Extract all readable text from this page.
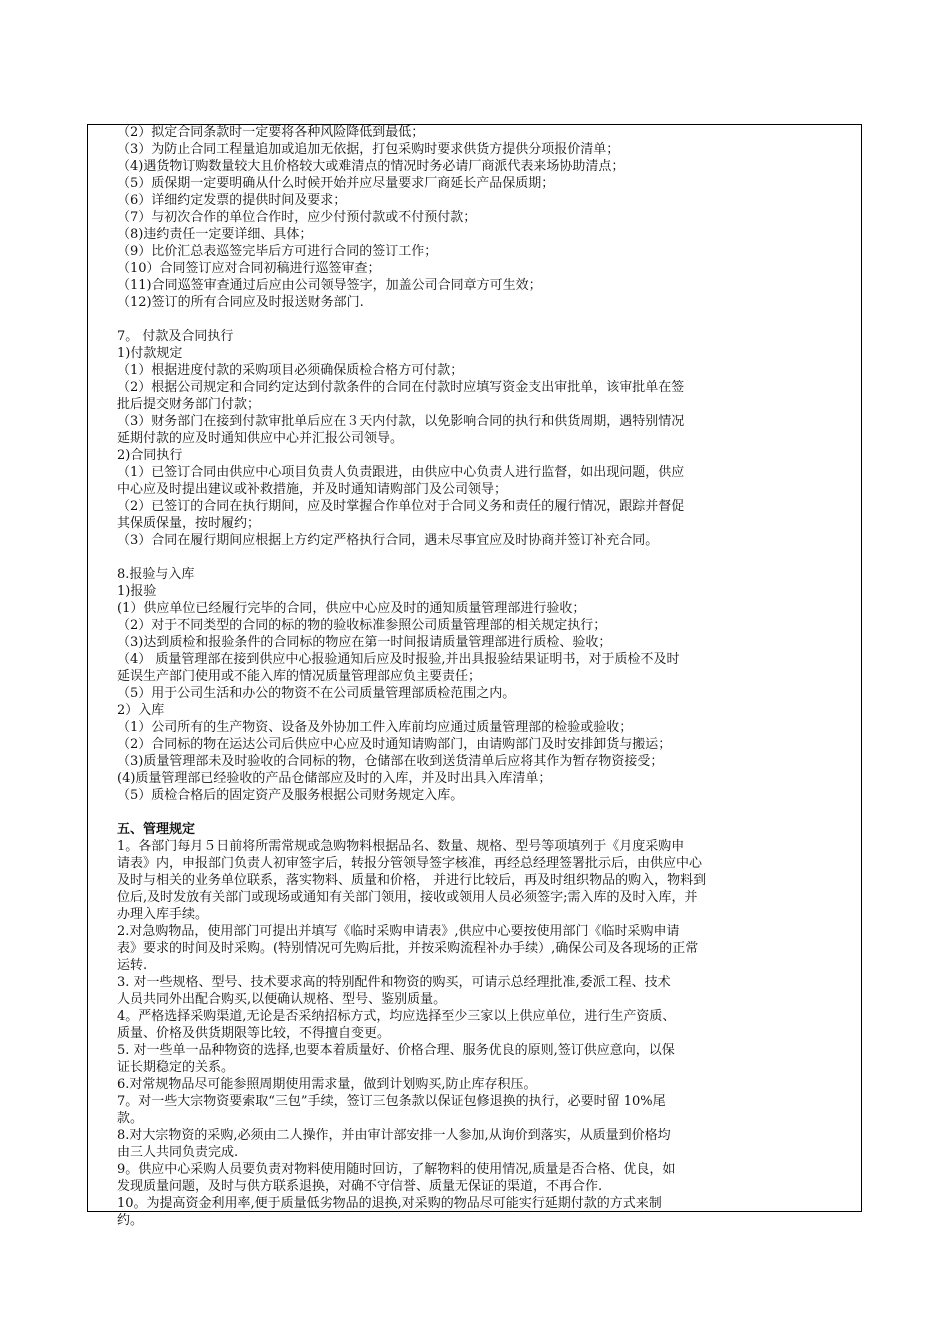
（2）拟定合同条款时一定要将各种风险降低到最低；

（3）为防止合同工程量追加或追加无依据，打包采购时要求供货方提供分项报价清单；

（4)遇货物订购数量较大且价格较大或难清点的情况时务必请厂商派代表来场协助清点；

（5）质保期一定要明确从什么时候开始并应尽量要求厂商延长产品保质期；

（6）详细约定发票的提供时间及要求；

（7）与初次合作的单位合作时，应少付预付款或不付预付款；

（8)违约责任一定要详细、具体；

（9）比价汇总表巡签完毕后方可进行合同的签订工作；

（10）合同签订应对合同初稿进行巡签审查；

（11)合同巡签审查通过后应由公司领导签字，加盖公司合同章方可生效；

（12)签订的所有合同应及时报送财务部门.

7。 付款及合同执行

1)付款规定

（1）根据进度付款的采购项目必须确保质检合格方可付款；

（2）根据公司规定和合同约定达到付款条件的合同在付款时应填写资金支出审批单，该审批单在签

批后提交财务部门付款；

（3）财务部门在接到付款审批单后应在３天内付款，以免影响合同的执行和供货周期，遇特别情况

延期付款的应及时通知供应中心并汇报公司领导。

2)合同执行

（1）已签订合同由供应中心项目负责人负责跟进，由供应中心负责人进行监督，如出现问题，供应

中心应及时提出建议或补救措施，并及时通知请购部门及公司领导；

（2）已签订的合同在执行期间，应及时掌握合作单位对于合同义务和责任的履行情况，跟踪并督促

其保质保量，按时履约；

（3）合同在履行期间应根据上方约定严格执行合同，遇未尽事宜应及时协商并签订补充合同。

8.报验与入库

1)报验

(1）供应单位已经履行完毕的合同，供应中心应及时的通知质量管理部进行验收；

（2）对于不同类型的合同的标的物的验收标准参照公司质量管理部的相关规定执行；

（3)达到质检和报验条件的合同标的物应在第一时间报请质量管理部进行质检、验收；

（4） 质量管理部在接到供应中心报验通知后应及时报验,并出具报验结果证明书，对于质检不及时

延误生产部门使用或不能入库的情况质量管理部应负主要责任；

（5）用于公司生活和办公的物资不在公司质量管理部质检范围之内。

2）入库

（1）公司所有的生产物资、设备及外协加工件入库前均应通过质量管理部的检验或验收；

（2）合同标的物在运达公司后供应中心应及时通知请购部门，由请购部门及时安排卸货与搬运；

（3)质量管理部未及时验收的合同标的物，仓储部在收到送货清单后应将其作为暂存物资接受；

(4)质量管理部已经验收的产品仓储部应及时的入库，并及时出具入库清单；

（5）质检合格后的固定资产及服务根据公司财务规定入库。

五、管理规定

1。各部门每月５日前将所需常规或急购物料根据品名、数量、规格、型号等项填列于《月度采购申

请表》内，申报部门负责人初审签字后，转报分管领导签字核准，再经总经理签署批示后，由供应中心

及时与相关的业务单位联系，落实物料、质量和价格， 并进行比较后，再及时组织物品的购入，物料到

位后,及时发放有关部门或现场或通知有关部门领用，接收或领用人员必须签字;需入库的及时入库，并

办理入库手续。

2.对急购物品，使用部门可提出并填写《临时采购申请表》,供应中心要按使用部门《临时采购申请

表》要求的时间及时采购。(特别情况可先购后批，并按采购流程补办手续）,确保公司及各现场的正常

运转.

3. 对一些规格、型号、技术要求高的特别配件和物资的购买，可请示总经理批准,委派工程、技术

人员共同外出配合购买,以便确认规格、型号、鉴别质量。

4。严格选择采购渠道,无论是否采纳招标方式，均应选择至少三家以上供应单位，进行生产资质、

质量、价格及供货期限等比较，不得擅自变更。

5. 对一些单一品种物资的选择,也要本着质量好、价格合理、服务优良的原则,签订供应意向，以保

证长期稳定的关系。

6.对常规物品尽可能参照周期使用需求量，做到计划购买,防止库存积压。

7。对一些大宗物资要索取“三包”手续，签订三包条款以保证包修退换的执行，必要时留 10%尾

款。

8.对大宗物资的采购,必须由二人操作，并由审计部安排一人参加,从询价到落实，从质量到价格均

由三人共同负责完成.

9。供应中心采购人员要负责对物料使用随时回访，了解物料的使用情况,质量是否合格、优良，如

发现质量问题，及时与供方联系退换，对确不守信誉、质量无保证的渠道，不再合作.

10。为提高资金利用率,便于质量低劣物品的退换,对采购的物品尽可能实行延期付款的方式来制

约。
